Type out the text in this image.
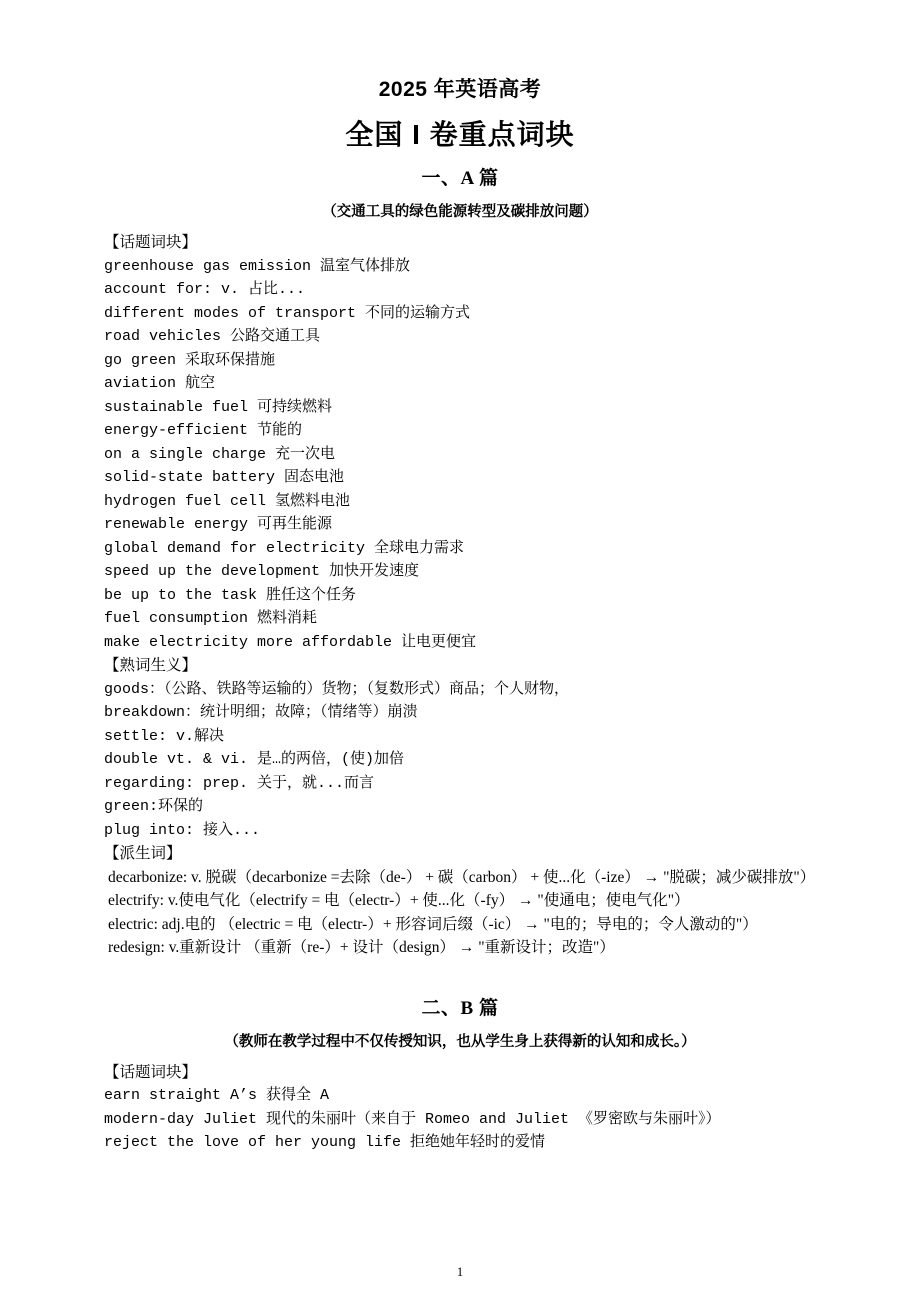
2025 年英语高考
全国 I 卷重点词块
一、A 篇
（交通工具的绿色能源转型及碳排放问题）
【话题词块】
greenhouse gas emission 温室气体排放
account for: v. 占比...
different modes of transport 不同的运输方式
road vehicles 公路交通工具
go green 采取环保措施
aviation 航空
sustainable fuel 可持续燃料
energy-efficient 节能的
on a single charge 充一次电
solid-state battery 固态电池
hydrogen fuel cell 氢燃料电池
renewable energy 可再生能源
global demand for electricity 全球电力需求
speed up the development 加快开发速度
be up to the task 胜任这个任务
fuel consumption 燃料消耗
make electricity more affordable 让电更便宜
【熟词生义】
goods：（公路、铁路等运输的）货物；（复数形式）商品；个人财物，
breakdown：统计明细；故障；（情绪等）崩溃
settle: v.解决
double vt. & vi. 是…的两倍，(使)加倍
regarding: prep. 关于，就...而言
green:环保的
plug into: 接入...
【派生词】
decarbonize: v. 脱碳（decarbonize =去除（de-） + 碳（carbon） + 使...化（-ize） → "脱碳；减少碳排放"）
electrify: v.使电气化（electrify = 电（electr-）+ 使...化（-fy） → "使通电；使电气化"）
electric: adj.电的 （electric = 电（electr-）+ 形容词后缀（-ic） → "电的；导电的；令人激动的"）
redesign: v.重新设计 （重新（re-）+ 设计（design） → "重新设计；改造"）
二、B 篇
（教师在教学过程中不仅传授知识，也从学生身上获得新的认知和成长。）
【话题词块】
earn straight A’s 获得全 A
modern-day Juliet 现代的朱丽叶（来自于 Romeo and Juliet 《罗密欧与朱丽叶》）
reject the love of her young life 拒绝她年轻时的爱情
1
